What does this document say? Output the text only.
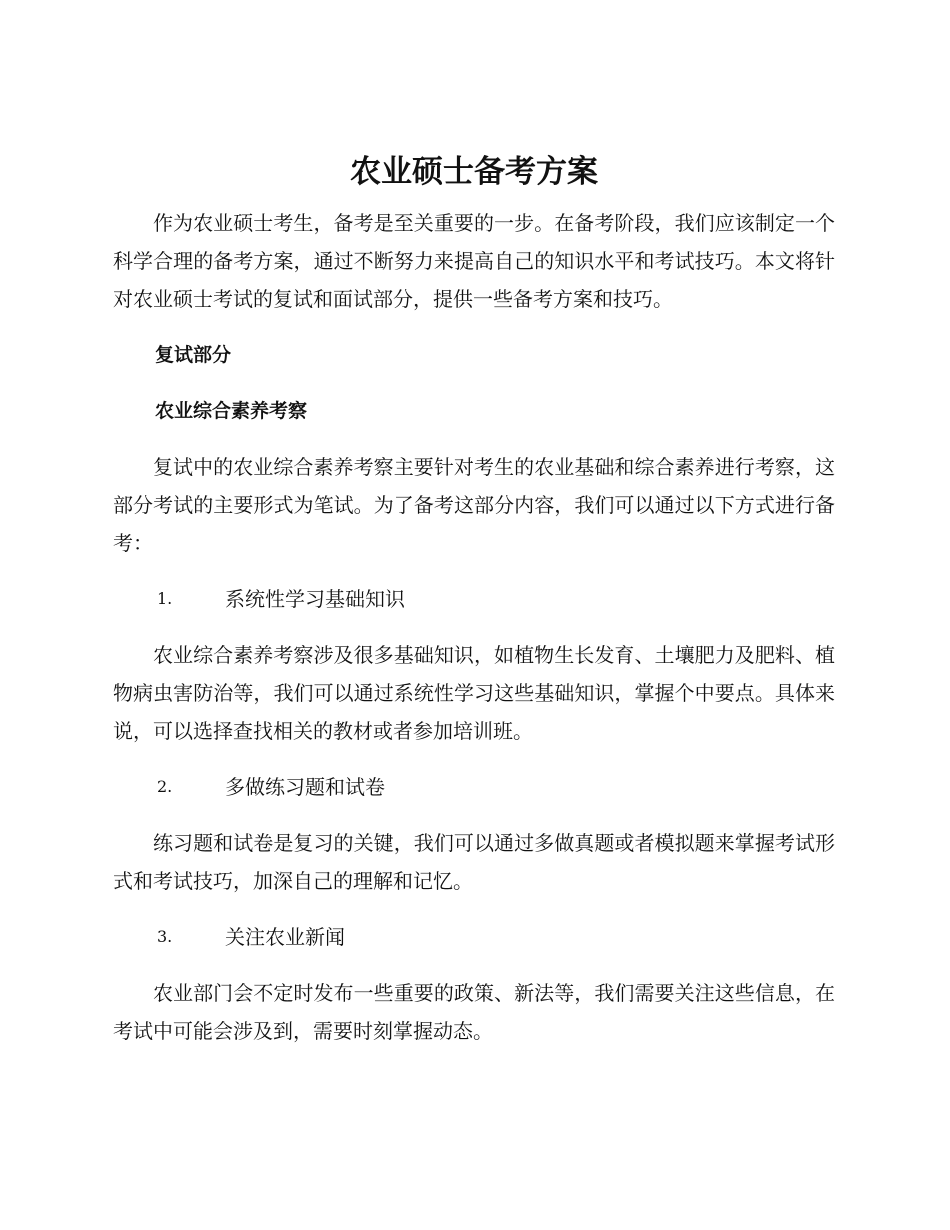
农业硕士备考方案

作为农业硕士考生，备考是至关重要的一步。在备考阶段，我们应该制定一个科学合理的备考方案，通过不断努力来提高自己的知识水平和考试技巧。本文将针对农业硕士考试的复试和面试部分，提供一些备考方案和技巧。

复试部分

农业综合素养考察

复试中的农业综合素养考察主要针对考生的农业基础和综合素养进行考察，这部分考试的主要形式为笔试。为了备考这部分内容，我们可以通过以下方式进行备考：

1.	系统性学习基础知识

农业综合素养考察涉及很多基础知识，如植物生长发育、土壤肥力及肥料、植物病虫害防治等，我们可以通过系统性学习这些基础知识，掌握个中要点。具体来说，可以选择查找相关的教材或者参加培训班。

2.	多做练习题和试卷

练习题和试卷是复习的关键，我们可以通过多做真题或者模拟题来掌握考试形式和考试技巧，加深自己的理解和记忆。

3.	关注农业新闻

农业部门会不定时发布一些重要的政策、新法等，我们需要关注这些信息，在考试中可能会涉及到，需要时刻掌握动态。
